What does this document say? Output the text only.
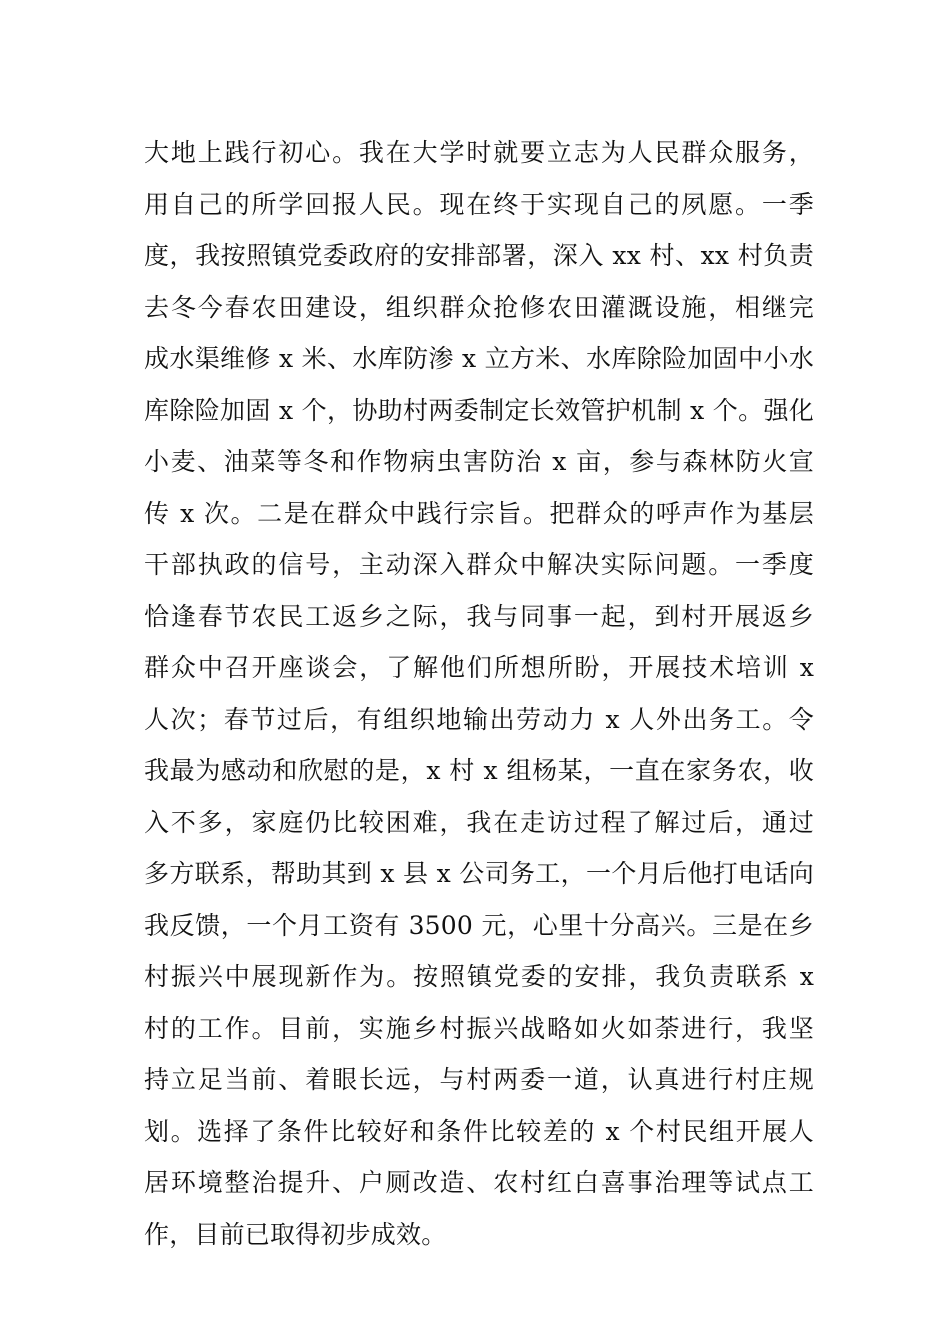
大地上践行初心。我在大学时就要立志为人民群众服务，
用自己的所学回报人民。现在终于实现自己的夙愿。一季
度，我按照镇党委政府的安排部署，深入 xx 村、xx 村负责
去冬今春农田建设，组织群众抢修农田灌溉设施，相继完
成水渠维修 x 米、水库防渗 x 立方米、水库除险加固中小水
库除险加固 x 个，协助村两委制定长效管护机制 x 个。强化
小麦、油菜等冬和作物病虫害防治 x 亩，参与森林防火宣
传 x 次。二是在群众中践行宗旨。把群众的呼声作为基层
干部执政的信号，主动深入群众中解决实际问题。一季度
恰逢春节农民工返乡之际，我与同事一起，到村开展返乡
群众中召开座谈会，了解他们所想所盼，开展技术培训 x
人次；春节过后，有组织地输出劳动力 x 人外出务工。令
我最为感动和欣慰的是，x 村 x 组杨某，一直在家务农，收
入不多，家庭仍比较困难，我在走访过程了解过后，通过
多方联系，帮助其到 x 县 x 公司务工，一个月后他打电话向
我反馈，一个月工资有 3500 元，心里十分高兴。三是在乡
村振兴中展现新作为。按照镇党委的安排，我负责联系 x
村的工作。目前，实施乡村振兴战略如火如荼进行，我坚
持立足当前、着眼长远，与村两委一道，认真进行村庄规
划。选择了条件比较好和条件比较差的 x 个村民组开展人
居环境整治提升、户厕改造、农村红白喜事治理等试点工
作，目前已取得初步成效。
